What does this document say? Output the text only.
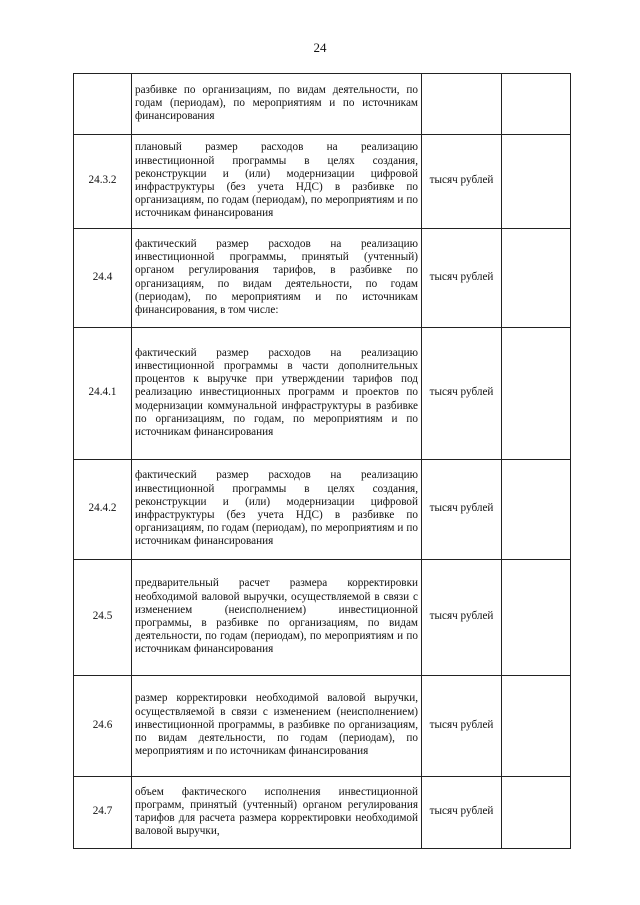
24
	разбивке по организациям, по видам деятельности, по годам (периодам), по мероприятиям и по источникам финансирования		
24.3.2	плановый размер расходов на реализацию инвестиционной программы в целях создания, реконструкции и (или) модернизации цифровой инфраструктуры (без учета НДС) в разбивке по организациям, по годам (периодам), по мероприятиям и по источникам финансирования	тысяч рублей	
24.4	фактический размер расходов на реализацию инвестиционной программы, принятый (учтенный) органом регулирования тарифов, в разбивке по организациям, по видам деятельности, по годам (периодам), по мероприятиям и по источникам финансирования, в том числе:	тысяч рублей	
24.4.1	фактический размер расходов на реализацию инвестиционной программы в части дополнительных процентов к выручке при утверждении тарифов под реализацию инвестиционных программ и проектов по модернизации коммунальной инфраструктуры в разбивке по организациям, по годам, по мероприятиям и по источникам финансирования	тысяч рублей	
24.4.2	фактический размер расходов на реализацию инвестиционной программы в целях создания, реконструкции и (или) модернизации цифровой инфраструктуры (без учета НДС) в разбивке по организациям, по годам (периодам), по мероприятиям и по источникам финансирования	тысяч рублей	
24.5	предварительный расчет размера корректировки необходимой валовой выручки, осуществляемой в связи с изменением (неисполнением) инвестиционной программы, в разбивке по организациям, по видам деятельности, по годам (периодам), по мероприятиям и по источникам финансирования	тысяч рублей	
24.6	размер корректировки необходимой валовой выручки, осуществляемой в связи с изменением (неисполнением) инвестиционной программы, в разбивке по организациям, по видам деятельности, по годам (периодам), по мероприятиям и по источникам финансирования	тысяч рублей	
24.7	объем фактического исполнения инвестиционной программ, принятый (учтенный) органом регулирования тарифов для расчета размера корректировки необходимой валовой выручки,	тысяч рублей	
